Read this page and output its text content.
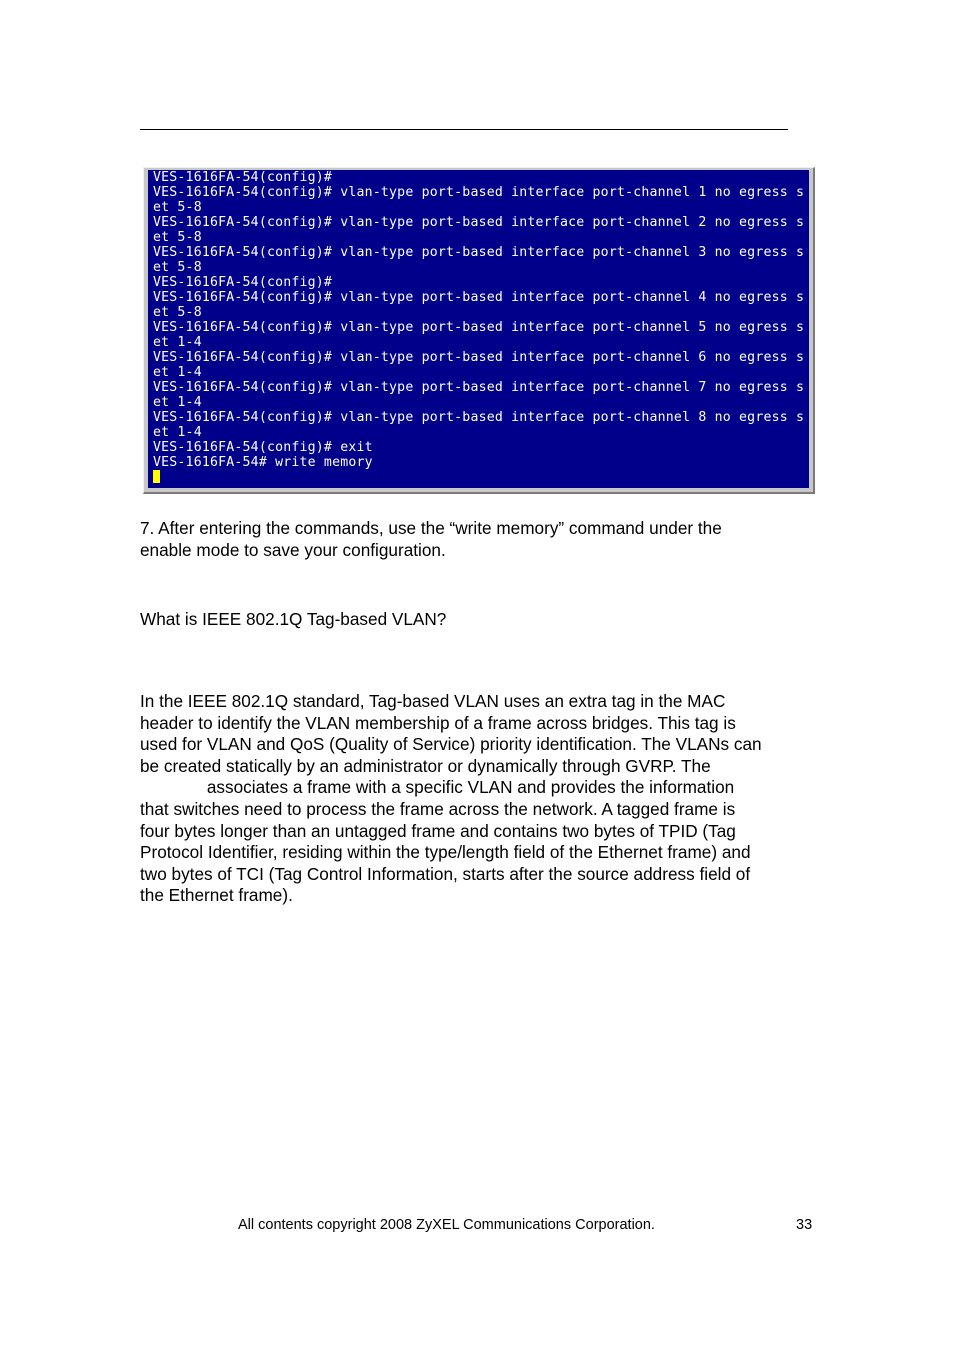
VES-1616FA-54(config)#
VES-1616FA-54(config)# vlan-type port-based interface port-channel 1 no egress s
et 5-8
VES-1616FA-54(config)# vlan-type port-based interface port-channel 2 no egress s
et 5-8
VES-1616FA-54(config)# vlan-type port-based interface port-channel 3 no egress s
et 5-8
VES-1616FA-54(config)#
VES-1616FA-54(config)# vlan-type port-based interface port-channel 4 no egress s
et 5-8
VES-1616FA-54(config)# vlan-type port-based interface port-channel 5 no egress s
et 1-4
VES-1616FA-54(config)# vlan-type port-based interface port-channel 6 no egress s
et 1-4
VES-1616FA-54(config)# vlan-type port-based interface port-channel 7 no egress s
et 1-4
VES-1616FA-54(config)# vlan-type port-based interface port-channel 8 no egress s
et 1-4
VES-1616FA-54(config)# exit
VES-1616FA-54# write memory

7. After entering the commands, use the “write memory” command under the
enable mode to save your configuration.

What is IEEE 802.1Q Tag-based VLAN?

In the IEEE 802.1Q standard, Tag-based VLAN uses an extra tag in the MAC
header to identify the VLAN membership of a frame across bridges. This tag is
used for VLAN and QoS (Quality of Service) priority identification. The VLANs can
be created statically by an administrator or dynamically through GVRP. The
associates a frame with a specific VLAN and provides the information
that switches need to process the frame across the network. A tagged frame is
four bytes longer than an untagged frame and contains two bytes of TPID (Tag
Protocol Identifier, residing within the type/length field of the Ethernet frame) and
two bytes of TCI (Tag Control Information, starts after the source address field of
the Ethernet frame).

All contents copyright 2008 ZyXEL Communications Corporation.	33
